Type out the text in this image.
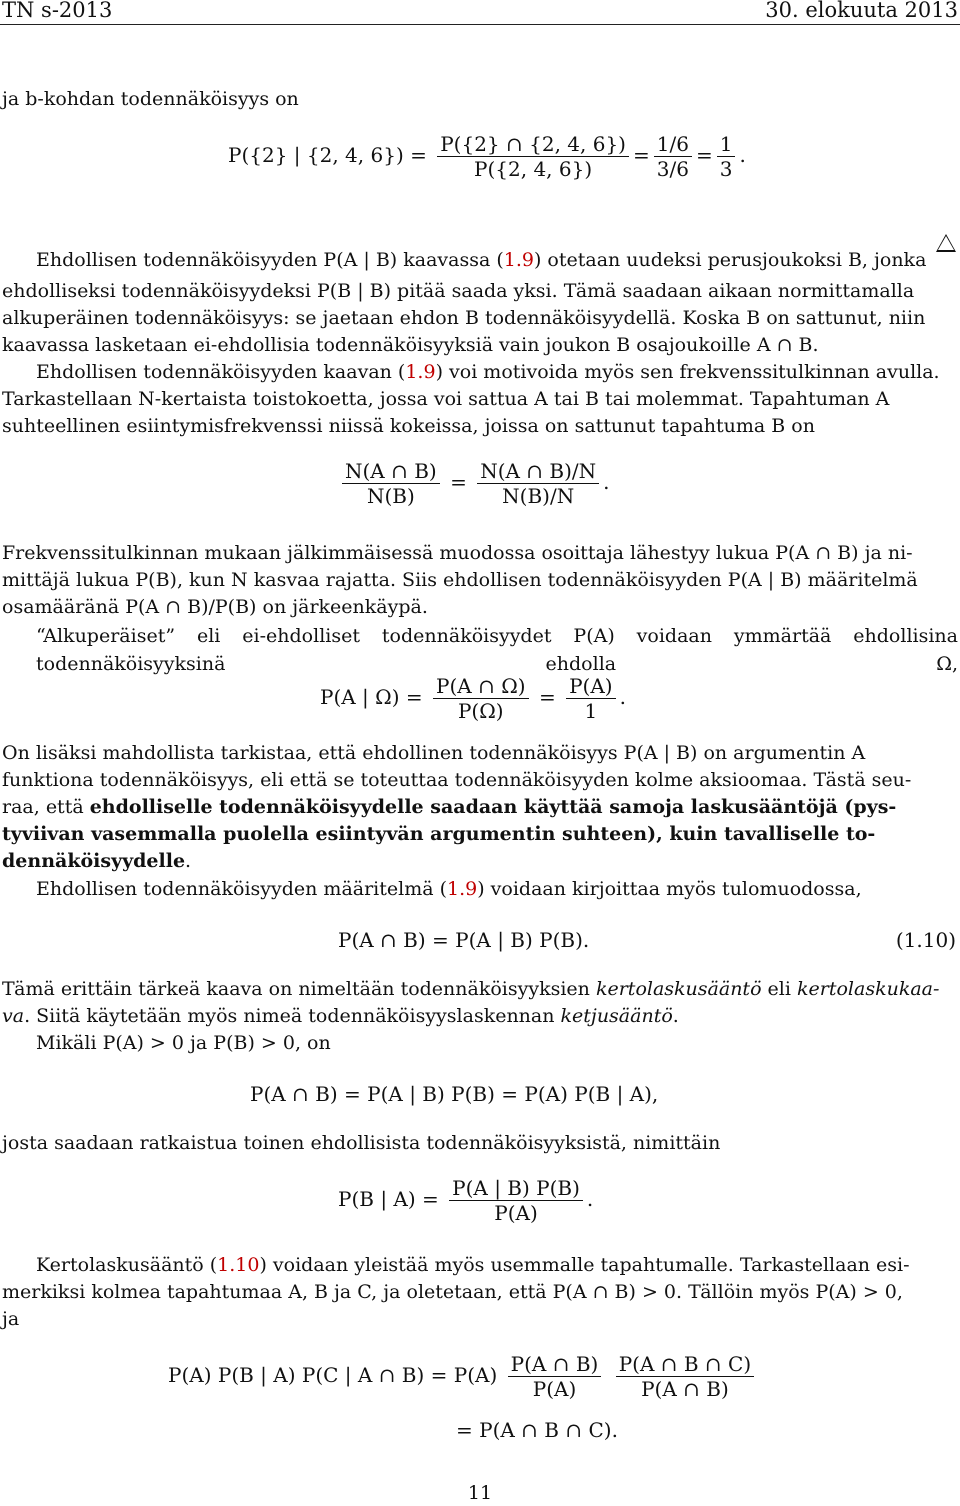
TN s-2013	30. elokuuta 2013
ja b-kohdan todennäköisyys on
P({2} | {2, 4, $6\}) = \frac{P(\{2\} \cap \{2, 4, 6\})}{P(\{2, 4, 6\})} = \frac{1/6}{3/6} = \frac{1}{3}$ .
Ehdollisen todennäköisyyden P(A | B) kaavassa (1.9) otetaan uudeksi perusjoukoksi B, jonka
ehdolliseksi todennäköisyydeksi P(B | B) pitää saada yksi. Tämä saadaan aikaan normittamalla
alkuperäinen todennäköisyys: se jaetaan ehdon B todennäköisyydellä. Koska B on sattunut, niin
kaavassa lasketaan ei-ehdollisia todennäköisyyksiä vain joukon B osajoukoille A ∩ B.
Ehdollisen todennäköisyyden kaavan (1.9) voi motivoida myös sen frekvenssitulkinnan avulla.
Tarkastellaan N-kertaista toistokoetta, jossa voi sattua A tai B tai molemmat. Tapahtuman A
suhteellinen esiintymisfrekvenssi niissä kokeissa, joissa on sattunut tapahtuma B on
$\frac{N(A \cap B)}{N(B)} = \frac{N(A \cap B)/N}{N(B)/N}$ .
Frekvenssitulkinnan mukaan jälkimmäisessä muodossa osoittaja lähestyy lukua P(A ∩ B) ja ni-
mittäjä lukua P(B), kun N kasvaa rajatta. Siis ehdollisen todennäköisyyden P(A | B) määritelmä
osamääränä P(A ∩ B)/P(B) on järkeenkäypä.
“Alkuperäiset” eli ei-ehdolliset todennäköisyydet P(A) voidaan ymmärtää ehdollisina todennäköisyyksinä ehdolla Ω,
P(A | $\Omega) = \frac{P(A \cap \Omega)}{P(\Omega)} = \frac{P(A)}{1}$ .
On lisäksi mahdollista tarkistaa, että ehdollinen todennäköisyys P(A | B) on argumentin A
funktiona todennäköisyys, eli että se toteuttaa todennäköisyyden kolme aksioomaa. Tästä seu-
raa, että ehdolliselle todennäköisyydelle saadaan käyttää samoja laskusääntöjä (pys-
tyviivan vasemmalla puolella esiintyvän argumentin suhteen), kuin tavalliselle to-
dennäköisyydelle.
Ehdollisen todennäköisyyden määritelmä (1.9) voidaan kirjoittaa myös tulomuodossa,
P(A ∩ B) = P(A | B) P(B).	(1.10)
Tämä erittäin tärkeä kaava on nimeltään todennäköisyyksien kertolaskusääntö eli kertolaskukaa-
va. Siitä käytetään myös nimeä todennäköisyyslaskennan ketjusääntö.
Mikäli P(A) > 0 ja P(B) > 0, on
P(A ∩ B) = P(A | B) P(B) = P(A) P(B | A),
josta saadaan ratkaistua toinen ehdollisista todennäköisyyksistä, nimittäin
P(B | $A) = \frac{P(A | B) P(B)}{P(A)}$ .
Kertolaskusääntö (1.10) voidaan yleistää myös usemmalle tapahtumalle. Tarkastellaan esi-
merkiksi kolmea tapahtumaa A, B ja C, ja oletetaan, että P(A ∩ B) > 0. Tällöin myös P(A) > 0,
ja
P(A) P(B | A) P(C | A ∩ $B) = P(A) \frac{P(A \cap B)}{P(A)}$
$\frac{P(A \cap B \cap C)}{P(A \cap B)}$
= P(A ∩ B ∩ C).
11
